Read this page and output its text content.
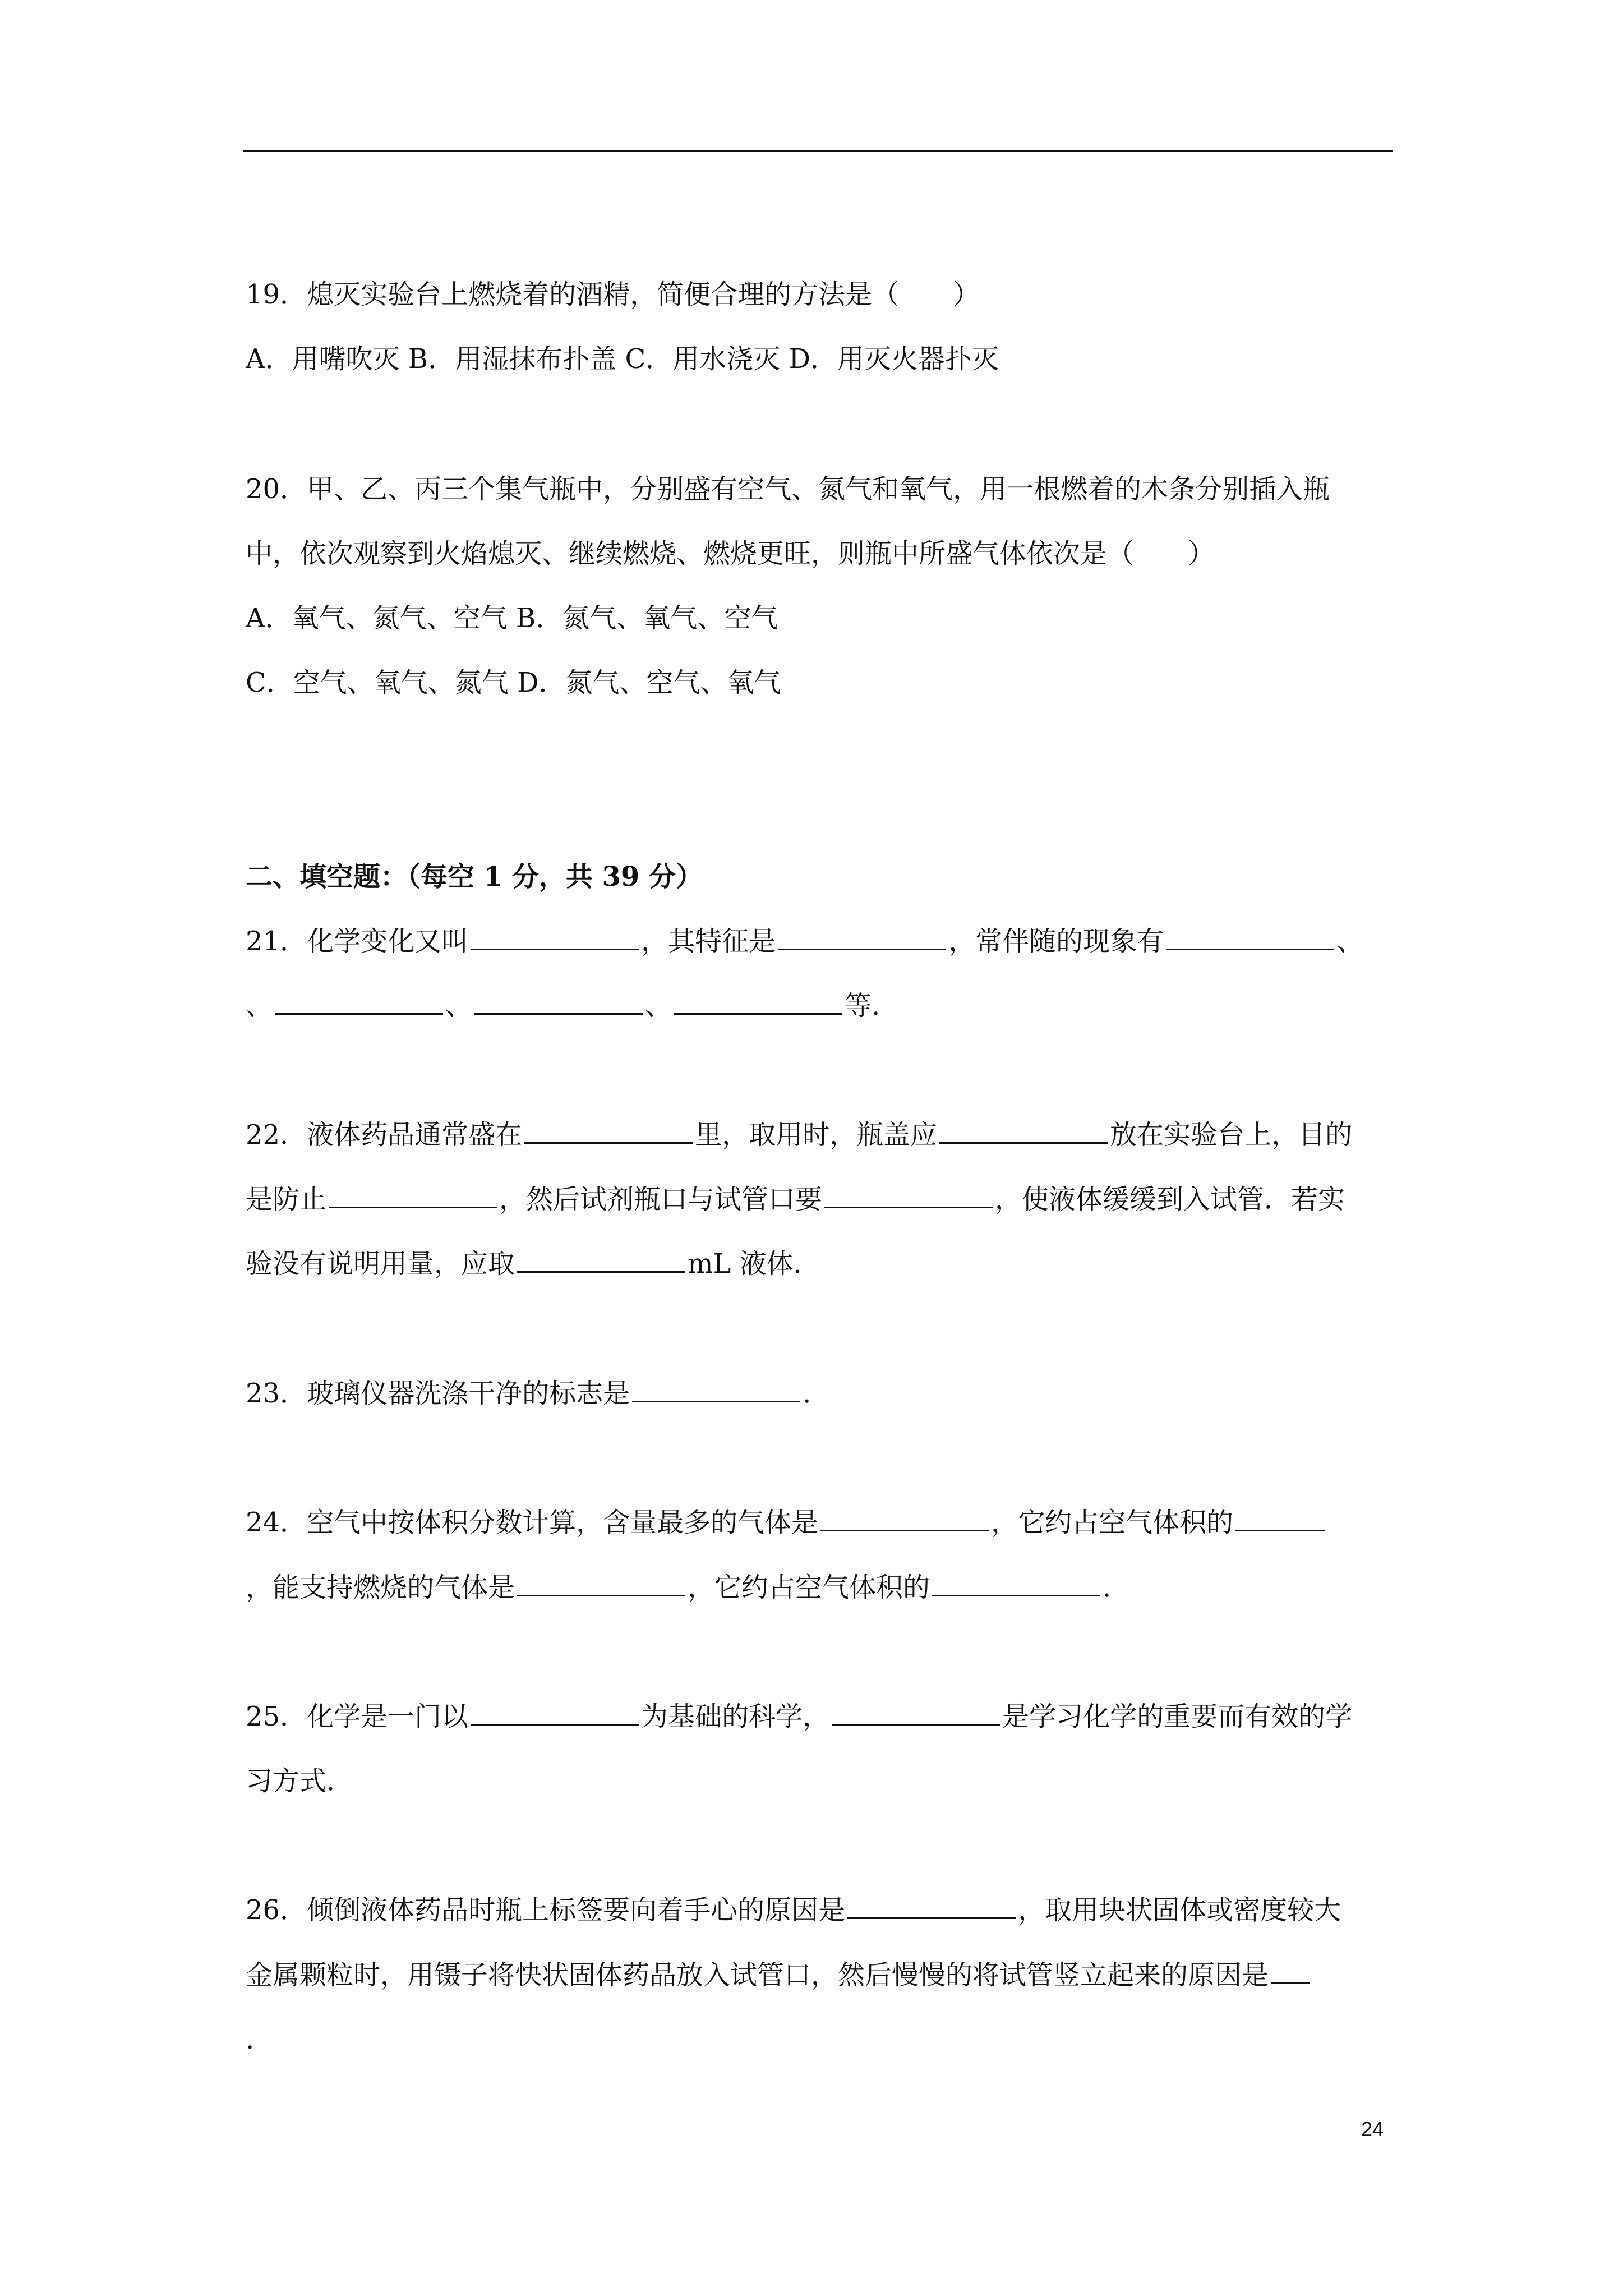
19．熄灭实验台上燃烧着的酒精，简便合理的方法是（　　）
A．用嘴吹灭 B．用湿抹布扑盖 C．用水浇灭 D．用灭火器扑灭
20．甲、乙、丙三个集气瓶中，分别盛有空气、氮气和氧气，用一根燃着的木条分别插入瓶
中，依次观察到火焰熄灭、继续燃烧、燃烧更旺，则瓶中所盛气体依次是（　　）
A．氧气、氮气、空气 B．氮气、氧气、空气
C．空气、氧气、氮气 D．氮气、空气、氧气
二、填空题：（每空 1 分，共 39 分）
21．化学变化又叫	，其特征是	，常伴随的现象有	、
、	、	、	等.
22．液体药品通常盛在	里，取用时，瓶盖应	放在实验台上，目的
是防止	，然后试剂瓶口与试管口要	，使液体缓缓到入试管．若实
验没有说明用量，应取	mL 液体．
23．玻璃仪器洗涤干净的标志是	．
24．空气中按体积分数计算，含量最多的气体是	，它约占空气体积的
，能支持燃烧的气体是	，它约占空气体积的	．
25．化学是一门以	为基础的科学，	是学习化学的重要而有效的学
习方式．
26．倾倒液体药品时瓶上标签要向着手心的原因是	，取用块状固体或密度较大
金属颗粒时，用镊子将快状固体药品放入试管口，然后慢慢的将试管竖立起来的原因是
.
24
